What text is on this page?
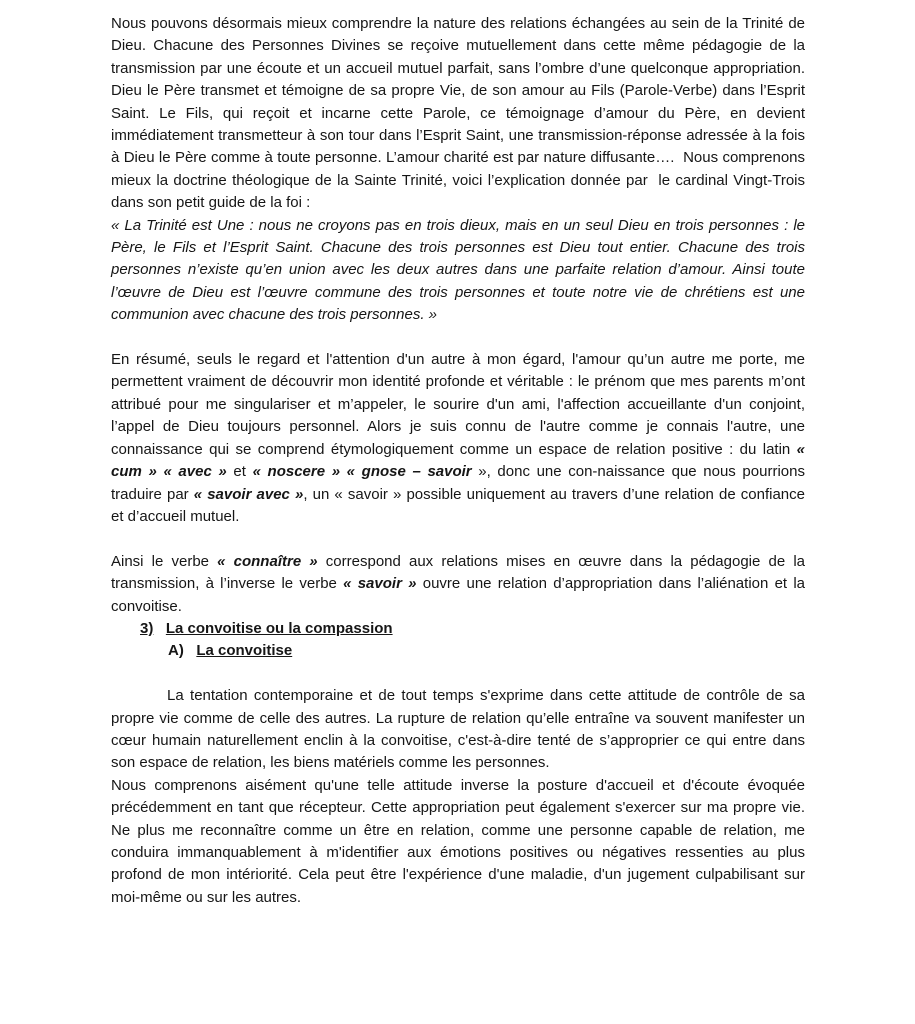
Nous pouvons désormais mieux comprendre la nature des relations échangées au sein de la Trinité de Dieu. Chacune des Personnes Divines se reçoive mutuellement dans cette même pédagogie de la transmission par une écoute et un accueil mutuel parfait, sans l’ombre d’une quelconque appropriation. Dieu le Père transmet et témoigne de sa propre Vie, de son amour au Fils (Parole-Verbe) dans l’Esprit Saint. Le Fils, qui reçoit et incarne cette Parole, ce témoignage d’amour du Père, en devient immédiatement transmetteur à son tour dans l’Esprit Saint, une transmission-réponse adressée à la fois à Dieu le Père comme à toute personne. L’amour charité est par nature diffusante….  Nous comprenons mieux la doctrine théologique de la Sainte Trinité, voici l’explication donnée par  le cardinal Vingt-Trois dans son petit guide de la foi :

« La Trinité est Une : nous ne croyons pas en trois dieux, mais en un seul Dieu en trois personnes : le Père, le Fils et l’Esprit Saint. Chacune des trois personnes est Dieu tout entier. Chacune des trois personnes n’existe qu’en union avec les deux autres dans une parfaite relation d’amour. Ainsi toute l’œuvre de Dieu est l’œuvre commune des trois personnes et toute notre vie de chrétiens est une communion avec chacune des trois personnes. »

En résumé, seuls le regard et l'attention d'un autre à mon égard, l'amour qu’un autre me porte, me permettent vraiment de découvrir mon identité profonde et véritable : le prénom que mes parents m’ont attribué pour me singulariser et m’appeler, le sourire d'un ami, l'affection accueillante d'un conjoint, l’appel de Dieu toujours personnel. Alors je suis connu de l'autre comme je connais l'autre, une connaissance qui se comprend étymologiquement comme un espace de relation positive : du latin « cum » « avec » et « noscere » « gnose – savoir », donc une con-naissance que nous pourrions traduire par « savoir avec », un « savoir » possible uniquement au travers d’une relation de confiance et d’accueil mutuel.

Ainsi le verbe « connaître » correspond aux relations mises en œuvre dans la pédagogie de la transmission, à l’inverse le verbe « savoir » ouvre une relation d’appropriation dans l’aliénation et la convoitise.

3) La convoitise ou la compassion

A) La convoitise

La tentation contemporaine et de tout temps s'exprime dans cette attitude de contrôle de sa propre vie comme de celle des autres. La rupture de relation qu’elle entraîne va souvent manifester un cœur humain naturellement enclin à la convoitise, c'est-à-dire tenté de s’approprier ce qui entre dans son espace de relation, les biens matériels comme les personnes.

Nous comprenons aisément qu'une telle attitude inverse la posture d'accueil et d'écoute évoquée précédemment en tant que récepteur. Cette appropriation peut également s'exercer sur ma propre vie. Ne plus me reconnaître comme un être en relation, comme une personne capable de relation, me conduira immanquablement à m'identifier aux émotions positives ou négatives ressenties au plus profond de mon intériorité. Cela peut être l'expérience d'une maladie, d'un jugement culpabilisant sur moi-même ou sur les autres.
